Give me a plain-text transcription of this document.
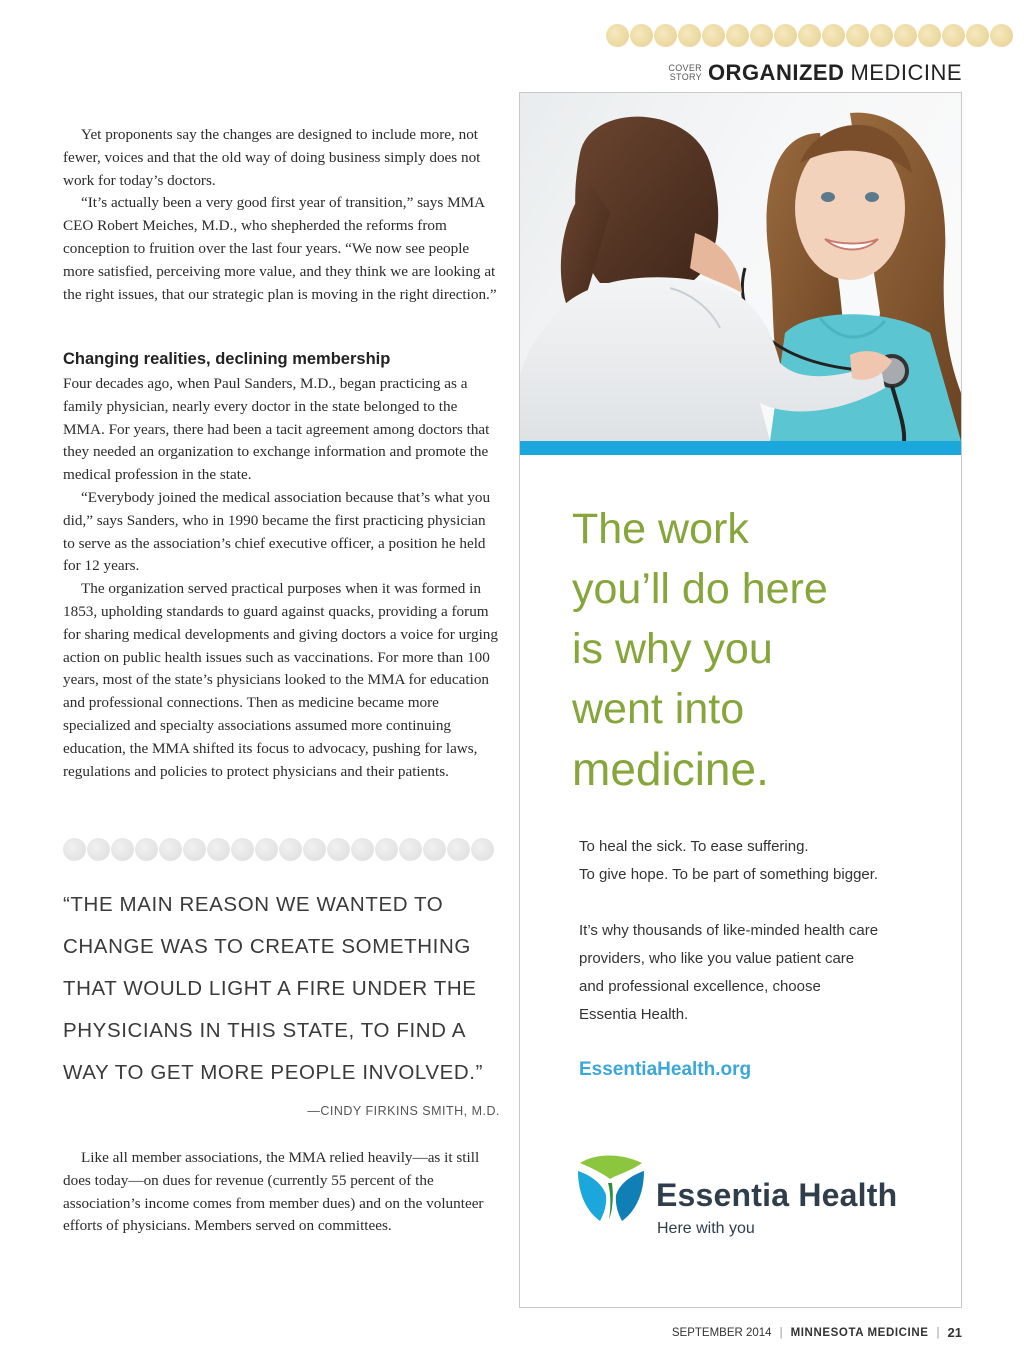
COVER
STORY ORGANIZED MEDICINE

Yet proponents say the changes are designed to include more, not fewer, voices and that the old way of doing business simply does not work for today’s doctors.

“It’s actually been a very good first year of transition,” says MMA CEO Robert Meiches, M.D., who shepherded the reforms from conception to fruition over the last four years. “We now see people more satisfied, perceiving more value, and they think we are looking at the right issues, that our strategic plan is moving in the right direction.”

Changing realities, declining membership

Four decades ago, when Paul Sanders, M.D., began practicing as a family physician, nearly every doctor in the state belonged to the MMA. For years, there had been a tacit agreement among doctors that they needed an organization to exchange information and promote the medical profession in the state.

“Everybody joined the medical association because that’s what you did,” says Sanders, who in 1990 became the first practicing physician to serve as the association’s chief executive officer, a position he held for 12 years.

The organization served practical purposes when it was formed in 1853, upholding standards to guard against quacks, providing a forum for sharing medical developments and giving doctors a voice for urging action on public health issues such as vaccinations. For more than 100 years, most of the state’s physicians looked to the MMA for education and professional connections. Then as medicine became more specialized and specialty associations assumed more continuing education, the MMA shifted its focus to advocacy, pushing for laws, regulations and policies to protect physicians and their patients.

“THE MAIN REASON WE WANTED TO CHANGE WAS TO CREATE SOMETHING THAT WOULD LIGHT A FIRE UNDER THE PHYSICIANS IN THIS STATE, TO FIND A WAY TO GET MORE PEOPLE INVOLVED.”
—CINDY FIRKINS SMITH, M.D.

Like all member associations, the MMA relied heavily—as it still does today—on dues for revenue (currently 55 percent of the association’s income comes from member dues) and on the volunteer efforts of physicians. Members served on committees.

The work
you’ll do here
is why you
went into
medicine.
To heal the sick. To ease suffering.
To give hope. To be part of something bigger.
It’s why thousands of like-minded health care
providers, who like you value patient care
and professional excellence, choose
Essentia Health.
EssentiaHealth.org
Essentia Health
Here with you
SEPTEMBER 2014 | MINNESOTA MEDICINE | 21
